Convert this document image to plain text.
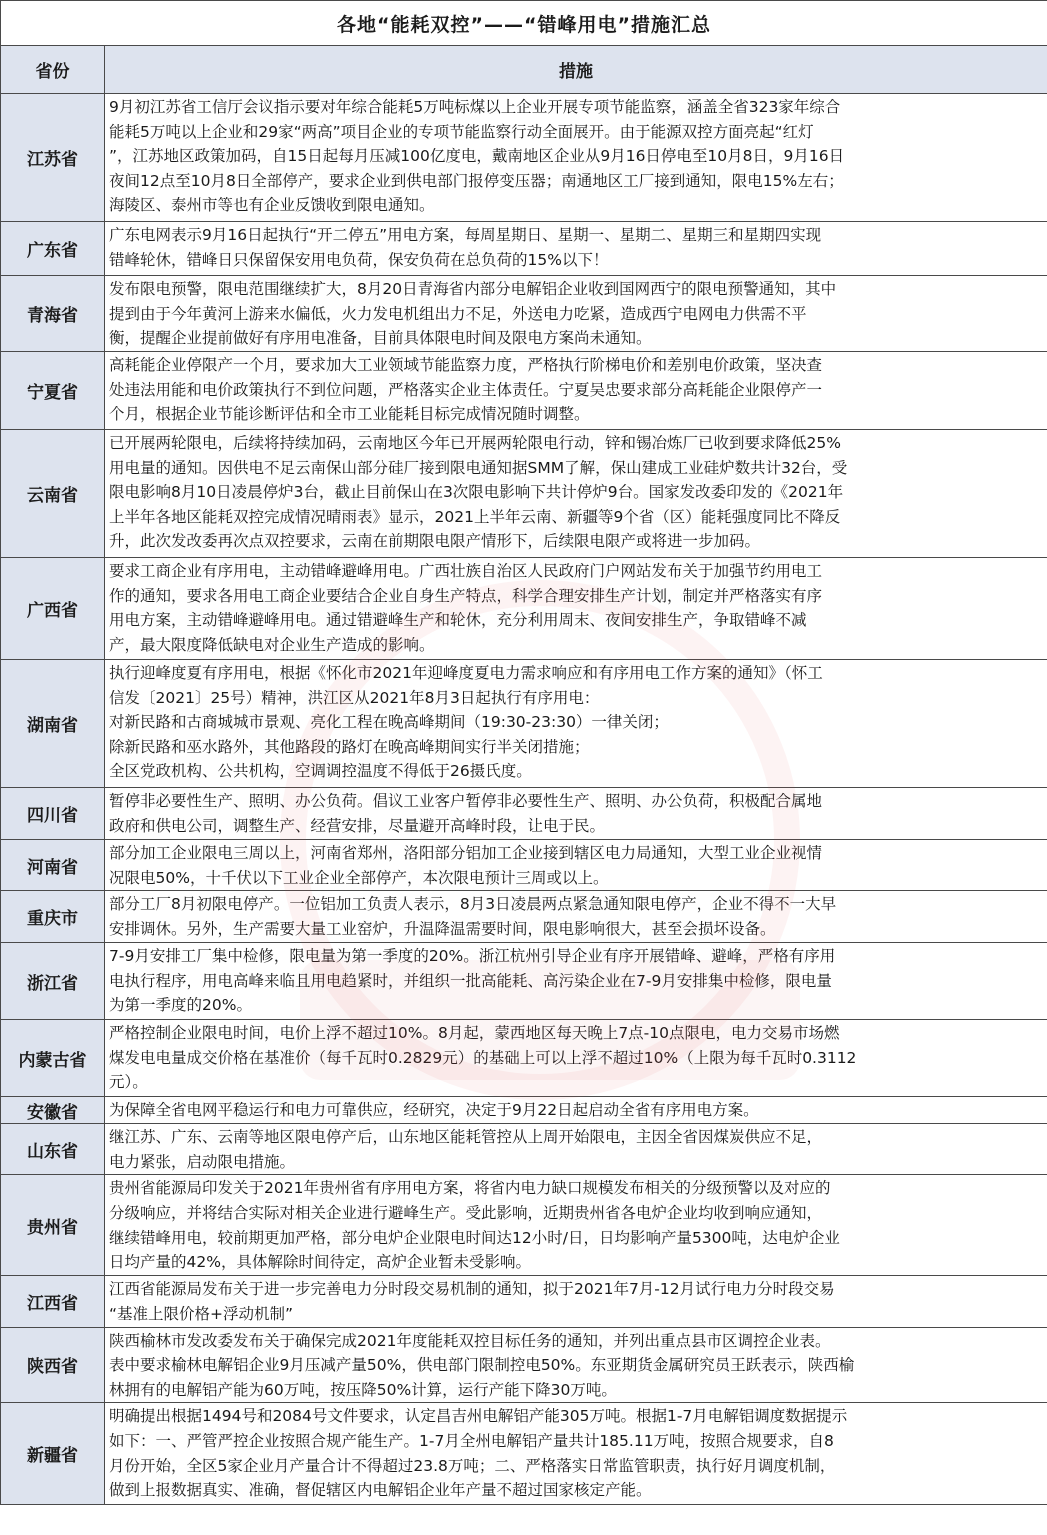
各地“能耗双控”——“错峰用电”措施汇总	
省份	措施
江苏省	9月初江苏省工信厅会议指示要对年综合能耗5万吨标煤以上企业开展专项节能监察，涵盖全省323家年综合
能耗5万吨以上企业和29家“两高”项目企业的专项节能监察行动全面展开。由于能源双控方面亮起“红灯
”，江苏地区政策加码，自15日起每月压减100亿度电，戴南地区企业从9月16日停电至10月8日，9月16日
夜间12点至10月8日全部停产，要求企业到供电部门报停变压器；南通地区工厂接到通知，限电15%左右；
海陵区、泰州市等也有企业反馈收到限电通知。

广东省	广东电网表示9月16日起执行“开二停五”用电方案，每周星期日、星期一、星期二、星期三和星期四实现
错峰轮休，错峰日只保留保安用电负荷，保安负荷在总负荷的15%以下！

青海省	发布限电预警，限电范围继续扩大，8月20日青海省内部分电解铝企业收到国网西宁的限电预警通知，其中
提到由于今年黄河上游来水偏低，火力发电机组出力不足，外送电力吃紧，造成西宁电网电力供需不平
衡，提醒企业提前做好有序用电准备，目前具体限电时间及限电方案尚未通知。

宁夏省	高耗能企业停限产一个月，要求加大工业领域节能监察力度，严格执行阶梯电价和差别电价政策，坚决查
处违法用能和电价政策执行不到位问题，严格落实企业主体责任。宁夏吴忠要求部分高耗能企业限停产一
个月，根据企业节能诊断评估和全市工业能耗目标完成情况随时调整。

云南省	已开展两轮限电，后续将持续加码，云南地区今年已开展两轮限电行动，锌和锡冶炼厂已收到要求降低25%
用电量的通知。因供电不足云南保山部分硅厂接到限电通知据SMM了解，保山建成工业硅炉数共计32台，受
限电影响8月10日凌晨停炉3台，截止目前保山在3次限电影响下共计停炉9台。国家发改委印发的《2021年
上半年各地区能耗双控完成情况晴雨表》显示，2021上半年云南、新疆等9个省（区）能耗强度同比不降反
升，此次发改委再次点双控要求，云南在前期限电限产情形下，后续限电限产或将进一步加码。

广西省	要求工商企业有序用电，主动错峰避峰用电。广西壮族自治区人民政府门户网站发布关于加强节约用电工
作的通知，要求各用电工商企业要结合企业自身生产特点，科学合理安排生产计划，制定并严格落实有序
用电方案，主动错峰避峰用电。通过错避峰生产和轮休，充分利用周末、夜间安排生产，争取错峰不减
产，最大限度降低缺电对企业生产造成的影响。

湖南省	执行迎峰度夏有序用电，根据《怀化市2021年迎峰度夏电力需求响应和有序用电工作方案的通知》（怀工
信发〔2021〕25号）精神，洪江区从2021年8月3日起执行有序用电：
对新民路和古商城城市景观、亮化工程在晚高峰期间（19:30-23:30）一律关闭；
除新民路和巫水路外，其他路段的路灯在晚高峰期间实行半关闭措施；
全区党政机构、公共机构，空调调控温度不得低于26摄氏度。

四川省	暂停非必要性生产、照明、办公负荷。倡议工业客户暂停非必要性生产、照明、办公负荷，积极配合属地
政府和供电公司，调整生产、经营安排，尽量避开高峰时段，让电于民。

河南省	部分加工企业限电三周以上，河南省郑州，洛阳部分铝加工企业接到辖区电力局通知，大型工业企业视情
况限电50%，十千伏以下工业企业全部停产，本次限电预计三周或以上。

重庆市	部分工厂8月初限电停产。一位铝加工负责人表示，8月3日凌晨两点紧急通知限电停产，企业不得不一大早
安排调休。另外，生产需要大量工业窑炉，升温降温需要时间，限电影响很大，甚至会损坏设备。

浙江省	7-9月安排工厂集中检修，限电量为第一季度的20%。浙江杭州引导企业有序开展错峰、避峰，严格有序用
电执行程序，用电高峰来临且用电趋紧时，并组织一批高能耗、高污染企业在7-9月安排集中检修，限电量
为第一季度的20%。

内蒙古省	严格控制企业限电时间，电价上浮不超过10%。8月起，蒙西地区每天晚上7点-10点限电，电力交易市场燃
煤发电电量成交价格在基准价（每千瓦时0.2829元）的基础上可以上浮不超过10%（上限为每千瓦时0.3112
元）。

安徽省	为保障全省电网平稳运行和电力可靠供应，经研究，决定于9月22日起启动全省有序用电方案。

山东省	继江苏、广东、云南等地区限电停产后，山东地区能耗管控从上周开始限电，主因全省因煤炭供应不足，
电力紧张，启动限电措施。

贵州省	贵州省能源局印发关于2021年贵州省有序用电方案，将省内电力缺口规模发布相关的分级预警以及对应的
分级响应，并将结合实际对相关企业进行避峰生产。受此影响，近期贵州省各电炉企业均收到响应通知，
继续错峰用电，较前期更加严格，部分电炉企业限电时间达12小时/日，日均影响产量5300吨，达电炉企业
日均产量的42%，具体解除时间待定，高炉企业暂未受影响。

江西省	江西省能源局发布关于进一步完善电力分时段交易机制的通知，拟于2021年7月-12月试行电力分时段交易
“基准上限价格+浮动机制”

陕西省	陕西榆林市发改委发布关于确保完成2021年度能耗双控目标任务的通知，并列出重点县市区调控企业表。
表中要求榆林电解铝企业9月压减产量50%，供电部门限制控电50%。东亚期货金属研究员王跃表示，陕西榆
林拥有的电解铝产能为60万吨，按压降50%计算，运行产能下降30万吨。

新疆省	明确提出根据1494号和2084号文件要求，认定昌吉州电解铝产能305万吨。根据1-7月电解铝调度数据提示
如下：一、严管严控企业按照合规产能生产。1-7月全州电解铝产量共计185.11万吨，按照合规要求，自8
月份开始，全区5家企业月产量合计不得超过23.8万吨；二、严格落实日常监管职责，执行好月调度机制，
做到上报数据真实、准确，督促辖区内电解铝企业年产量不超过国家核定产能。
